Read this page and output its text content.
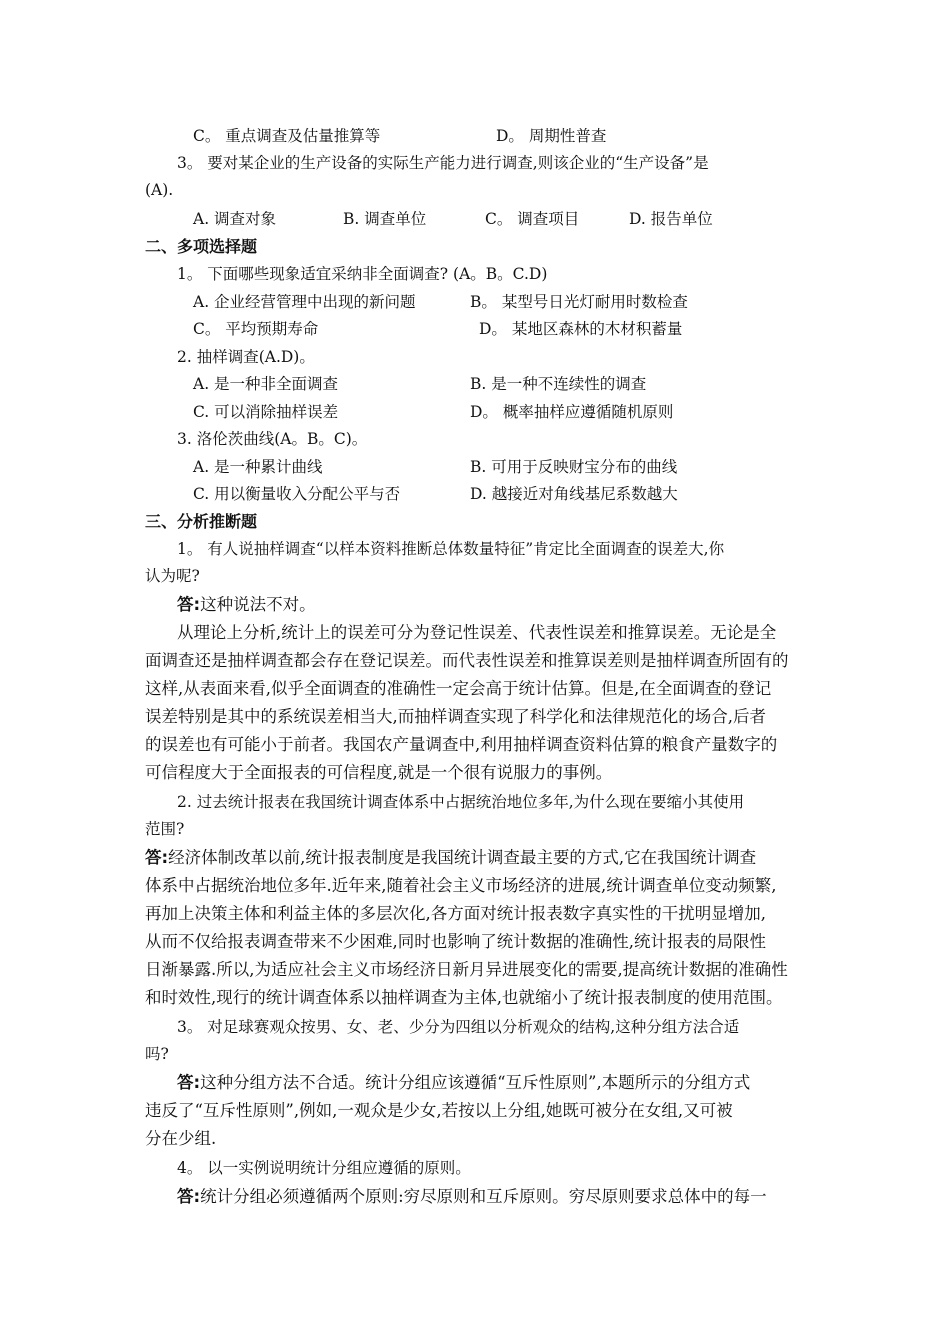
C。 重点调查及估量推算等	D。 周期性普查
3。 要对某企业的生产设备的实际生产能力进行调查,则该企业的“生产设备”是
(A).
A. 调查对象	B. 调查单位	C。 调查项目	D. 报告单位
二、多项选择题
1。 下面哪些现象适宜采纳非全面调查? (A。B。C.D)
A. 企业经营管理中出现的新问题	B。 某型号日光灯耐用时数检查
C。 平均预期寿命	D。 某地区森林的木材积蓄量
2. 抽样调查(A.D)。
A. 是一种非全面调查	B. 是一种不连续性的调查
C. 可以消除抽样误差	D。 概率抽样应遵循随机原则
3. 洛伦茨曲线(A。B。C)。
A. 是一种累计曲线	B. 可用于反映财宝分布的曲线
C. 用以衡量收入分配公平与否	D. 越接近对角线基尼系数越大
三、分析推断题
1。 有人说抽样调查“以样本资料推断总体数量特征”肯定比全面调查的误差大,你
认为呢?
答:这种说法不对。
从理论上分析,统计上的误差可分为登记性误差、代表性误差和推算误差。无论是全
面调查还是抽样调查都会存在登记误差。而代表性误差和推算误差则是抽样调查所固有的
这样,从表面来看,似乎全面调查的准确性一定会高于统计估算。但是,在全面调查的登记
误差特别是其中的系统误差相当大,而抽样调查实现了科学化和法律规范化的场合,后者
的误差也有可能小于前者。我国农产量调查中,利用抽样调查资料估算的粮食产量数字的
可信程度大于全面报表的可信程度,就是一个很有说服力的事例。
2. 过去统计报表在我国统计调查体系中占据统治地位多年,为什么现在要缩小其使用
范围?
答:经济体制改革以前,统计报表制度是我国统计调查最主要的方式,它在我国统计调查
体系中占据统治地位多年.近年来,随着社会主义市场经济的进展,统计调查单位变动频繁,
再加上决策主体和利益主体的多层次化,各方面对统计报表数字真实性的干扰明显增加,
从而不仅给报表调查带来不少困难,同时也影响了统计数据的准确性,统计报表的局限性
日渐暴露.所以,为适应社会主义市场经济日新月异进展变化的需要,提高统计数据的准确性
和时效性,现行的统计调查体系以抽样调查为主体,也就缩小了统计报表制度的使用范围。
3。 对足球赛观众按男、女、老、少分为四组以分析观众的结构,这种分组方法合适
吗?
答:这种分组方法不合适。统计分组应该遵循“互斥性原则”,本题所示的分组方式
违反了“互斥性原则”,例如,一观众是少女,若按以上分组,她既可被分在女组,又可被
分在少组.
4。 以一实例说明统计分组应遵循的原则。
答:统计分组必须遵循两个原则:穷尽原则和互斥原则。穷尽原则要求总体中的每一
